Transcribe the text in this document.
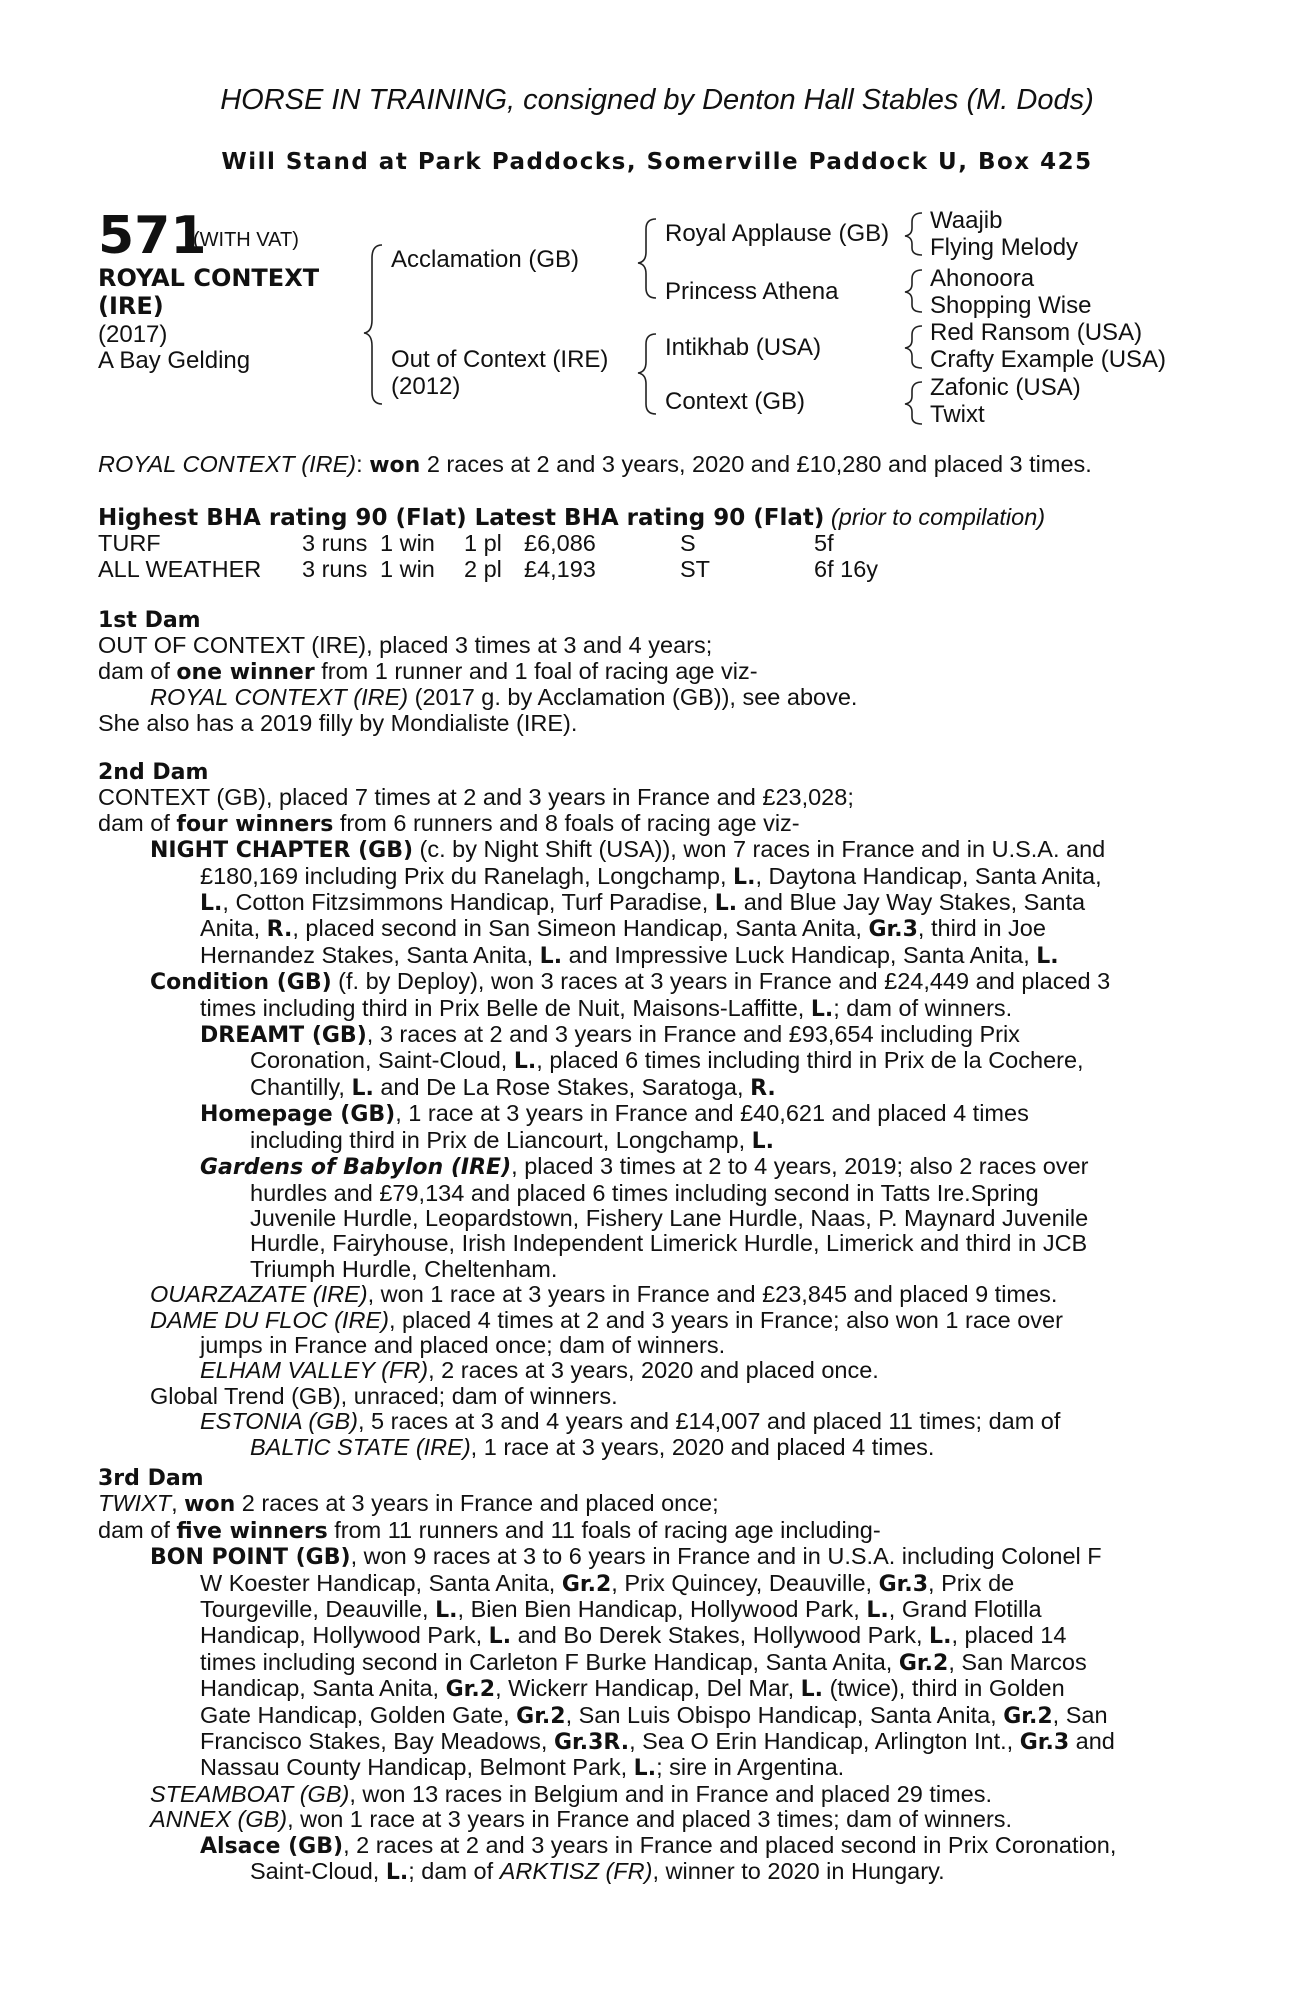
HORSE IN TRAINING, consigned by Denton Hall Stables (M. Dods)
Will Stand at Park Paddocks, Somerville Paddock U, Box 425
571
(WITH VAT)
ROYAL CONTEXT
(IRE)
(2017)
A Bay Gelding
Acclamation (GB)
Out of Context (IRE)
(2012)
Royal Applause (GB)
Princess Athena
Intikhab (USA)
Context (GB)
Waajib
Flying Melody
Ahonoora
Shopping Wise
Red Ransom (USA)
Crafty Example (USA)
Zafonic (USA)
Twixt
ROYAL CONTEXT (IRE): won 2 races at 2 and 3 years, 2020 and £10,280 and placed 3 times.
Highest BHA rating 90 (Flat) Latest BHA rating 90 (Flat) (prior to compilation)
TURF	3 runs	1 win	1 pl	£6,086	S	5f
ALL WEATHER	3 runs	1 win	2 pl	£4,193	ST	6f 16y
1st Dam
OUT OF CONTEXT (IRE), placed 3 times at 3 and 4 years;
dam of one winner from 1 runner and 1 foal of racing age viz-
ROYAL CONTEXT (IRE) (2017 g. by Acclamation (GB)), see above.
She also has a 2019 filly by Mondialiste (IRE).
2nd Dam
CONTEXT (GB), placed 7 times at 2 and 3 years in France and £23,028;
dam of four winners from 6 runners and 8 foals of racing age viz-
NIGHT CHAPTER (GB) (c. by Night Shift (USA)), won 7 races in France and in U.S.A. and
£180,169 including Prix du Ranelagh, Longchamp, L., Daytona Handicap, Santa Anita,
L., Cotton Fitzsimmons Handicap, Turf Paradise, L. and Blue Jay Way Stakes, Santa
Anita, R., placed second in San Simeon Handicap, Santa Anita, Gr.3, third in Joe
Hernandez Stakes, Santa Anita, L. and Impressive Luck Handicap, Santa Anita, L.
Condition (GB) (f. by Deploy), won 3 races at 3 years in France and £24,449 and placed 3
times including third in Prix Belle de Nuit, Maisons-Laffitte, L.; dam of winners.
DREAMT (GB), 3 races at 2 and 3 years in France and £93,654 including Prix
Coronation, Saint-Cloud, L., placed 6 times including third in Prix de la Cochere,
Chantilly, L. and De La Rose Stakes, Saratoga, R.
Homepage (GB), 1 race at 3 years in France and £40,621 and placed 4 times
including third in Prix de Liancourt, Longchamp, L.
Gardens of Babylon (IRE), placed 3 times at 2 to 4 years, 2019; also 2 races over
hurdles and £79,134 and placed 6 times including second in Tatts Ire.Spring
Juvenile Hurdle, Leopardstown, Fishery Lane Hurdle, Naas, P. Maynard Juvenile
Hurdle, Fairyhouse, Irish Independent Limerick Hurdle, Limerick and third in JCB
Triumph Hurdle, Cheltenham.
OUARZAZATE (IRE), won 1 race at 3 years in France and £23,845 and placed 9 times.
DAME DU FLOC (IRE), placed 4 times at 2 and 3 years in France; also won 1 race over
jumps in France and placed once; dam of winners.
ELHAM VALLEY (FR), 2 races at 3 years, 2020 and placed once.
Global Trend (GB), unraced; dam of winners.
ESTONIA (GB), 5 races at 3 and 4 years and £14,007 and placed 11 times; dam of
BALTIC STATE (IRE), 1 race at 3 years, 2020 and placed 4 times.
3rd Dam
TWIXT, won 2 races at 3 years in France and placed once;
dam of five winners from 11 runners and 11 foals of racing age including-
BON POINT (GB), won 9 races at 3 to 6 years in France and in U.S.A. including Colonel F
W Koester Handicap, Santa Anita, Gr.2, Prix Quincey, Deauville, Gr.3, Prix de
Tourgeville, Deauville, L., Bien Bien Handicap, Hollywood Park, L., Grand Flotilla
Handicap, Hollywood Park, L. and Bo Derek Stakes, Hollywood Park, L., placed 14
times including second in Carleton F Burke Handicap, Santa Anita, Gr.2, San Marcos
Handicap, Santa Anita, Gr.2, Wickerr Handicap, Del Mar, L. (twice), third in Golden
Gate Handicap, Golden Gate, Gr.2, San Luis Obispo Handicap, Santa Anita, Gr.2, San
Francisco Stakes, Bay Meadows, Gr.3R., Sea O Erin Handicap, Arlington Int., Gr.3 and
Nassau County Handicap, Belmont Park, L.; sire in Argentina.
STEAMBOAT (GB), won 13 races in Belgium and in France and placed 29 times.
ANNEX (GB), won 1 race at 3 years in France and placed 3 times; dam of winners.
Alsace (GB), 2 races at 2 and 3 years in France and placed second in Prix Coronation,
Saint-Cloud, L.; dam of ARKTISZ (FR), winner to 2020 in Hungary.
